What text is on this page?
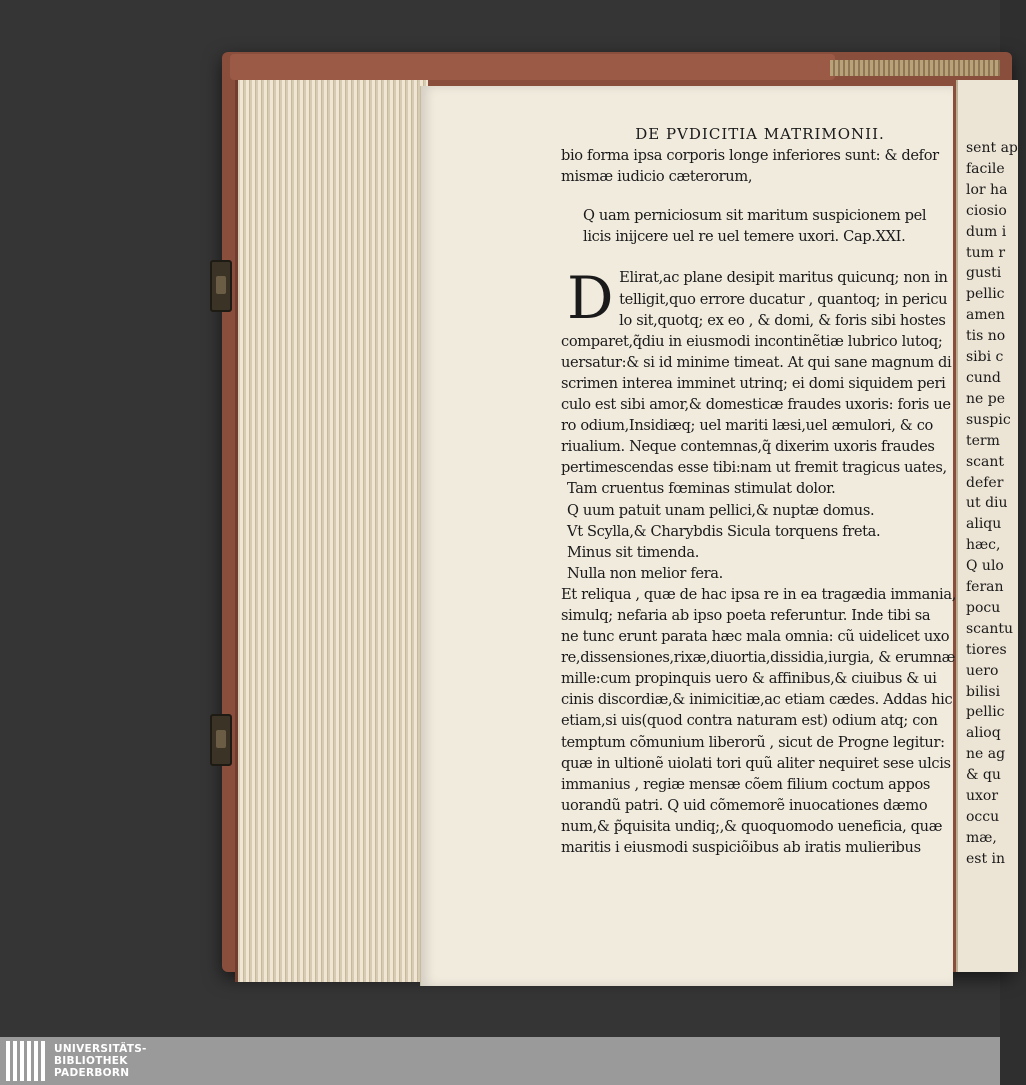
DE PVDICITIA MATRIMONII.
bio forma ipsa corporis longe inferiores sunt: & defor
mismæ iudicio cæterorum,
Q uam perniciosum sit maritum suspicionem pel
licis inijcere uel re uel temere uxori. Cap.XXI.
D Elirat,ac plane desipit maritus quicunq; non in
telligit,quo errore ducatur , quantoq; in pericu
lo sit,quotq; ex eo , & domi, & foris sibi hostes
comparet,q̃diu in eiusmodi incontinẽtiæ lubrico lutoq;
uersatur:& si id minime timeat. At qui sane magnum di
scrimen interea imminet utrinq; ei domi siquidem peri
culo est sibi amor,& domesticæ fraudes uxoris: foris ue
ro odium,Insidiæq; uel mariti læsi,uel æmulori, & co
riualium. Neque contemnas,q̃ dixerim uxoris fraudes
pertimescendas esse tibi:nam ut fremit tragicus uates,
Tam cruentus fœminas stimulat dolor.
Q uum patuit unam pellici,& nuptæ domus.
Vt Scylla,& Charybdis Sicula torquens freta.
Minus sit timenda.
Nulla non melior fera.
Et reliqua , quæ de hac ipsa re in ea tragædia immania,
simulq; nefaria ab ipso poeta referuntur. Inde tibi sa
ne tunc erunt parata hæc mala omnia: cũ uidelicet uxo
re,dissensiones,rixæ,diuortia,dissidia,iurgia, & erumnæ
mille:cum propinquis uero & affinibus,& ciuibus & ui
cinis discordiæ,& inimicitiæ,ac etiam cædes. Addas hic
etiam,si uis(quod contra naturam est) odium atq; con
temptum cõmunium liberorũ , sicut de Progne legitur:
quæ in ultionẽ uiolati tori quũ aliter nequiret sese ulcis
immanius , regiæ mensæ cõem filium coctum appos
uorandũ patri. Q uid cõmemorẽ inuocationes dæmo
num,& p̃quisita undiq;,& quoquomodo ueneficia, quæ
maritis i eiusmodi suspiciõibus ab iratis mulieribus
sent ap
facile
lor ha
ciosio
dum i
tum r
gusti
pellic
amen
tis no
sibi c
cund
ne pe
suspic
term
scant
defer
ut diu
aliqu
hæc,
Q ulo
feran
pocu
scantu
tiores
uero
bilisi
pellic
alioq
ne ag
& qu
uxor
occu
mæ,
est in
UNIVERSITÄTS-
BIBLIOTHEK
PADERBORN
